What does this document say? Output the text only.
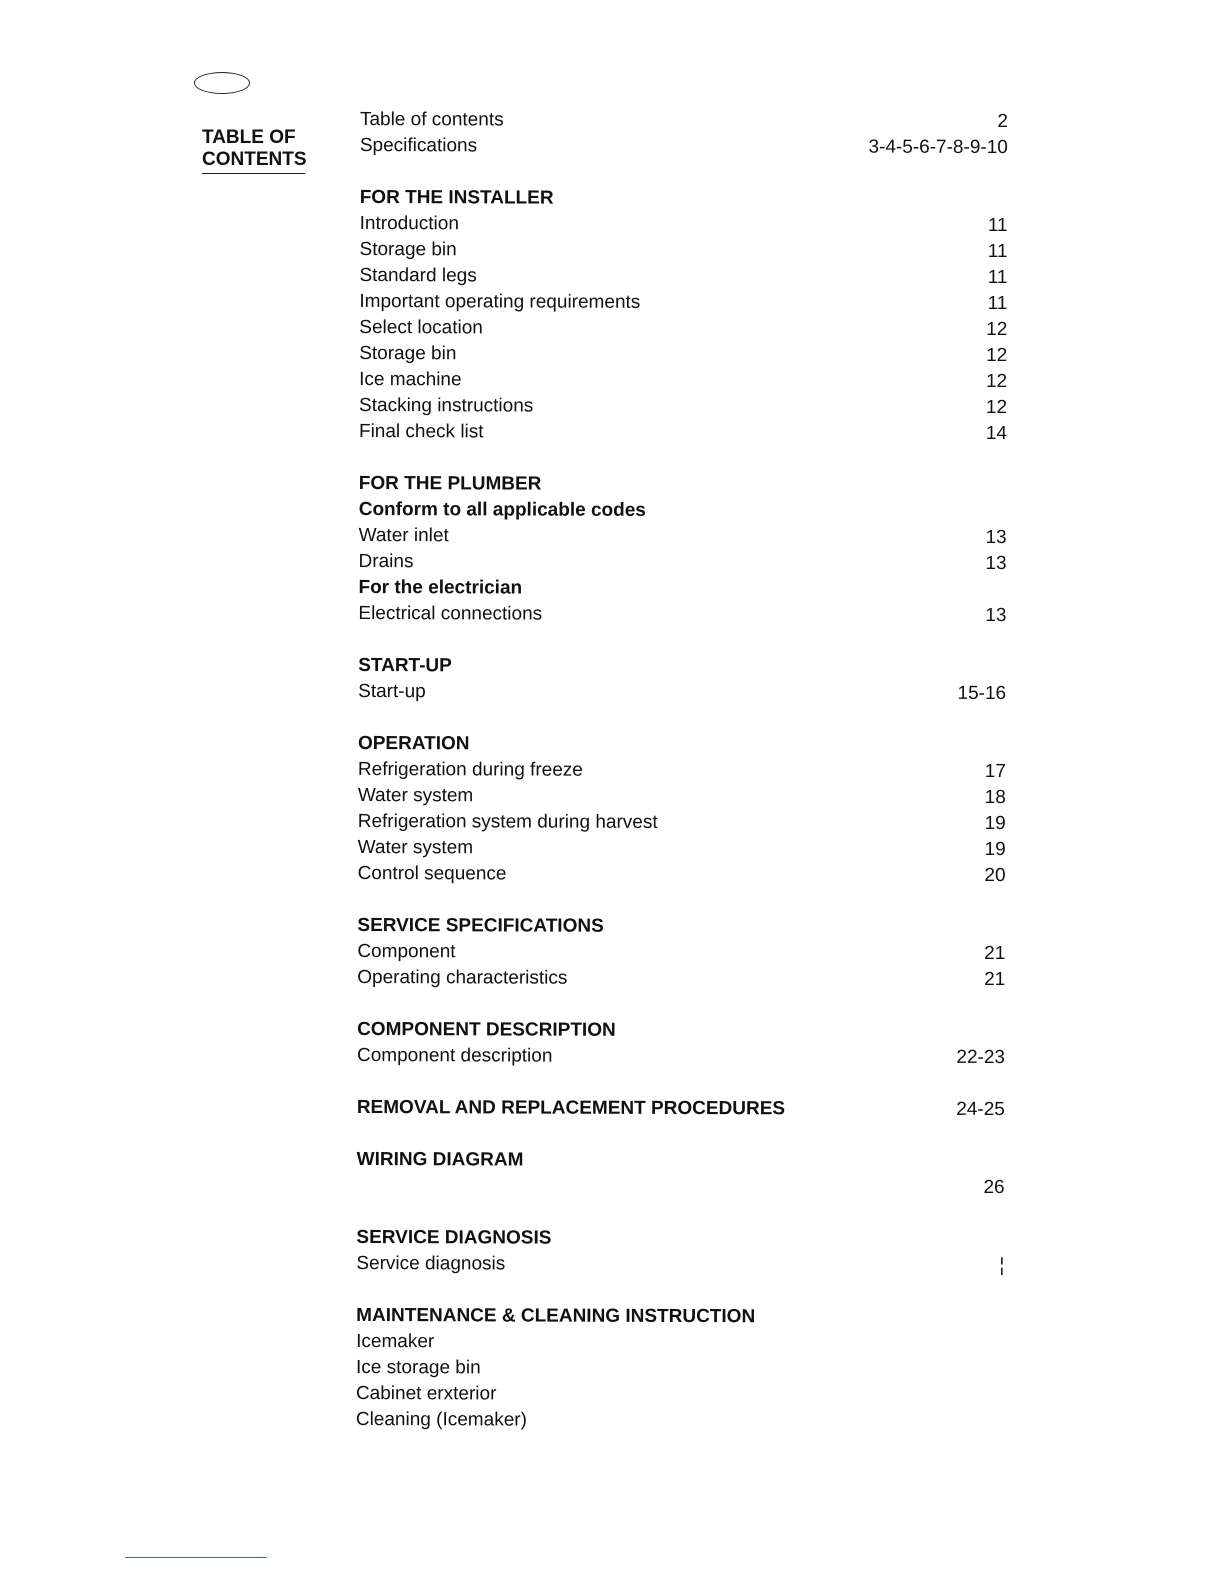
TABLE OF
CONTENTS
Table of contents	2
Specifications	3-4-5-6-7-8-9-10
FOR THE INSTALLER
Introduction	11
Storage bin	11
Standard legs	11
Important operating requirements	11
Select location	12
Storage bin	12
Ice machine	12
Stacking instructions	12
Final check list	14
FOR THE PLUMBER
Conform to all applicable codes
Water inlet	13
Drains	13
For the electrician
Electrical connections	13
START-UP
Start-up	15-16
OPERATION
Refrigeration during freeze	17
Water system	18
Refrigeration system during harvest	19
Water system	19
Control sequence	20
SERVICE SPECIFICATIONS
Component	21
Operating characteristics	21
COMPONENT DESCRIPTION
Component description	22-23
REMOVAL AND REPLACEMENT PROCEDURES	24-25
WIRING DIAGRAM
26
SERVICE DIAGNOSIS
Service diagnosis	¦
MAINTENANCE & CLEANING INSTRUCTION
Icemaker
Ice storage bin
Cabinet erxterior
Cleaning (Icemaker)
